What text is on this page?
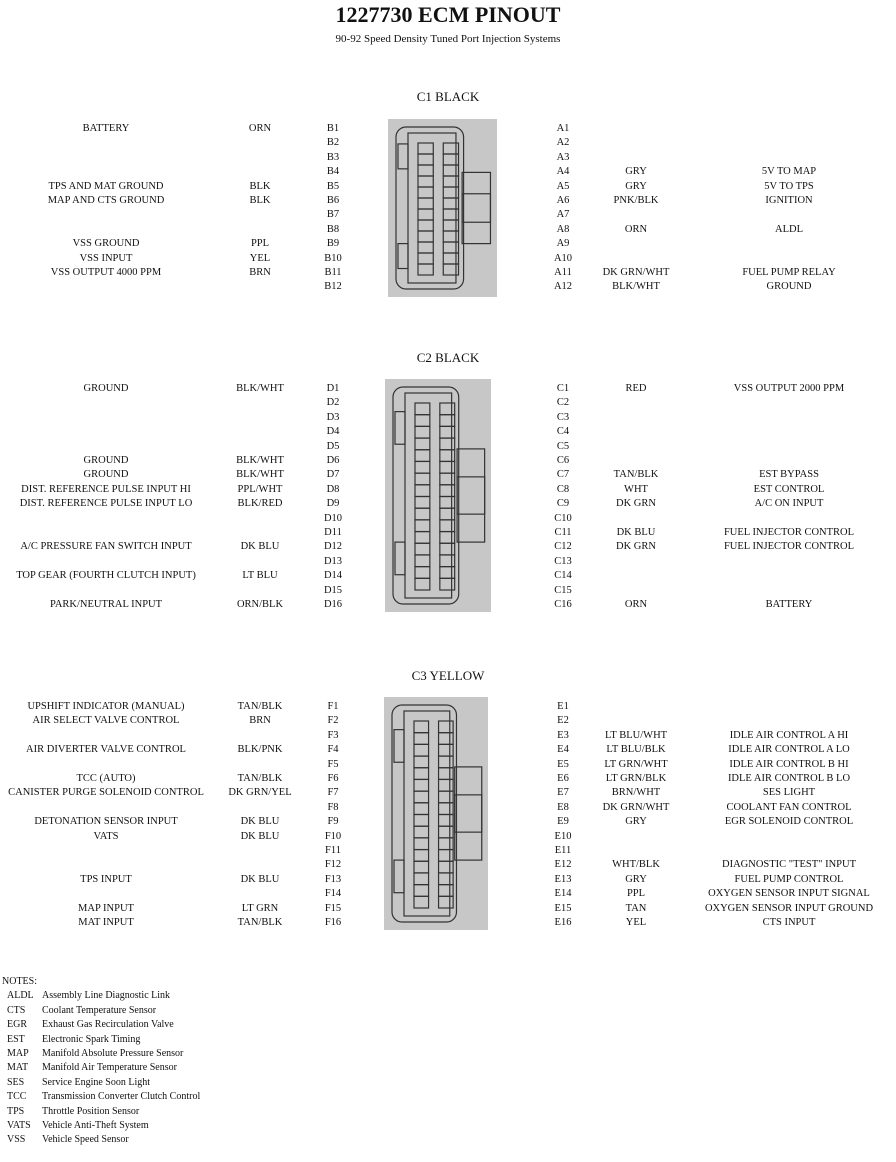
1227730 ECM PINOUT
90-92 Speed Density Tuned Port Injection Systems
C1 BLACK
C2 BLACK
C3 YELLOW
BATTERY	ORN	B1	A1
B2	A2
B3	A3
B4	A4	GRY	5V TO MAP
TPS AND MAT GROUND	BLK	B5	A5	GRY	5V TO TPS
MAP AND CTS GROUND	BLK	B6	A6	PNK/BLK	IGNITION
B7	A7
B8	A8	ORN	ALDL
VSS GROUND	PPL	B9	A9
VSS INPUT	YEL	B10	A10
VSS OUTPUT 4000 PPM	BRN	B11	A11	DK GRN/WHT	FUEL PUMP RELAY
B12	A12	BLK/WHT	GROUND
GROUND	BLK/WHT	D1	C1	RED	VSS OUTPUT 2000 PPM
D2	C2
D3	C3
D4	C4
D5	C5
GROUND	BLK/WHT	D6	C6
GROUND	BLK/WHT	D7	C7	TAN/BLK	EST BYPASS
DIST. REFERENCE PULSE INPUT HI	PPL/WHT	D8	C8	WHT	EST CONTROL
DIST. REFERENCE PULSE INPUT LO	BLK/RED	D9	C9	DK GRN	A/C ON INPUT
D10	C10
D11	C11	DK BLU	FUEL INJECTOR CONTROL
A/C PRESSURE FAN SWITCH INPUT	DK BLU	D12	C12	DK GRN	FUEL INJECTOR CONTROL
D13	C13
TOP GEAR (FOURTH CLUTCH INPUT)	LT BLU	D14	C14
D15	C15
PARK/NEUTRAL INPUT	ORN/BLK	D16	C16	ORN	BATTERY
UPSHIFT INDICATOR (MANUAL)	TAN/BLK	F1	E1
AIR SELECT VALVE CONTROL	BRN	F2	E2
F3	E3	LT BLU/WHT	IDLE AIR CONTROL A HI
AIR DIVERTER VALVE CONTROL	BLK/PNK	F4	E4	LT BLU/BLK	IDLE AIR CONTROL A LO
F5	E5	LT GRN/WHT	IDLE AIR CONTROL B HI
TCC (AUTO)	TAN/BLK	F6	E6	LT GRN/BLK	IDLE AIR CONTROL B LO
CANISTER PURGE SOLENOID CONTROL	DK GRN/YEL	F7	E7	BRN/WHT	SES LIGHT
F8	E8	DK GRN/WHT	COOLANT FAN CONTROL
DETONATION SENSOR INPUT	DK BLU	F9	E9	GRY	EGR SOLENOID CONTROL
VATS	DK BLU	F10	E10
F11	E11
F12	E12	WHT/BLK	DIAGNOSTIC "TEST" INPUT
TPS INPUT	DK BLU	F13	E13	GRY	FUEL PUMP CONTROL
F14	E14	PPL	OXYGEN SENSOR INPUT SIGNAL
MAP INPUT	LT GRN	F15	E15	TAN	OXYGEN SENSOR INPUT GROUND
MAT INPUT	TAN/BLK	F16	E16	YEL	CTS INPUT
NOTES:
ALDL Assembly Line Diagnostic Link
CTS	Coolant Temperature Sensor
EGR	Exhaust Gas Recirculation Valve
EST	Electronic Spark Timing
MAP	Manifold Absolute Pressure Sensor
MAT	Manifold Air Temperature Sensor
SES	Service Engine Soon Light
TCC	Transmission Converter Clutch Control
TPS	Throttle Position Sensor
VATS	Vehicle Anti-Theft System
VSS	Vehicle Speed Sensor
